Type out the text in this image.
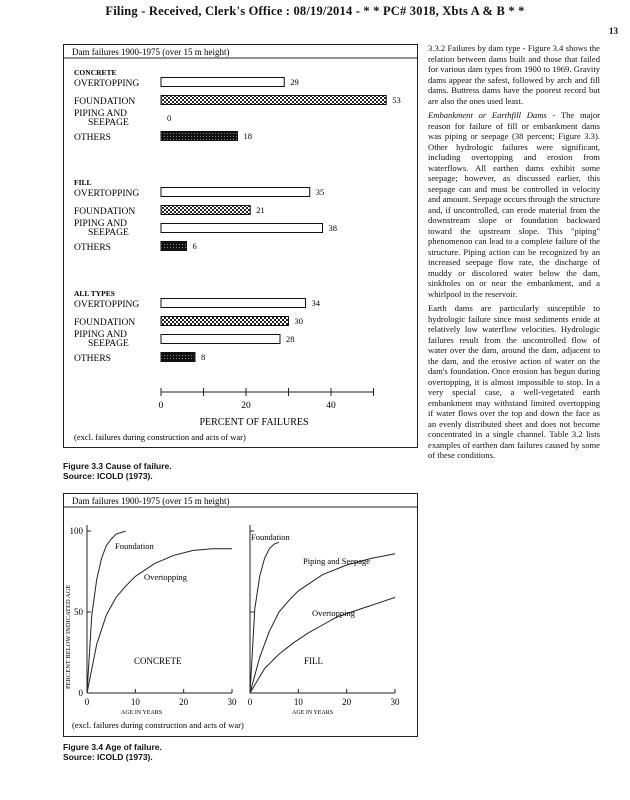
Filing - Received, Clerk's Office : 08/19/2014 - * * PC# 3018, Xbts A & B * *
13
Dam failures 1900-1975 (over 15 m height)
CONCRETE
OVERTOPPING	29
FOUNDATION	53
PIPING AND
SEEPAGE	0
OTHERS	18
FILL
OVERTOPPING	35
FOUNDATION	21
PIPING AND
SEEPAGE	38
OTHERS	6
ALL TYPES
OVERTOPPING	34
FOUNDATION	30
PIPING AND
SEEPAGE	28
OTHERS	8
0	20	40
PERCENT OF FAILURES
(excl. failures during construction and acts of war)
Figure 3.3 Cause of failure.
Source: ICOLD (1973).
Dam failures 1900-1975 (over 15 m height)
PERCENT BELOW INDICATED AGE
0	10	20	30
0
50
100
0	10	20	30
AGE IN YEARS	AGE IN YEARS
(excl. failures during construction and acts of war)
CONCRETE	FILL
Foundation
Overtopping
Foundation
Piping and Seepage
Overtopping
Figure 3.4 Age of failure.
Source: ICOLD (1973).

3.3.2 Failures by dam type - Figure 3.4 shows the relation between dams built and those that failed for various dam types from 1900 to 1969. Gravity dams appear the safest, followed by arch and fill dams. Buttress dams have the poorest record but are also the ones used least.

Embankment or Earthfill Dams - The major reason for failure of fill or embankment dams was piping or seepage (38 percent; Figure 3.3). Other hydrologic failures were significant, including overtopping and erosion from waterflows. All earthen dams exhibit some seepage; however, as discussed earlier, this seepage can and must be controlled in velocity and amount. Seepage occurs through the structure and, if uncontrolled, can erode material from the downstream slope or foundation backward toward the upstream slope. This "piping" phenomenon can lead to a complete failure of the structure. Piping action can be recognized by an increased seepage flow rate, the discharge of muddy or discolored water below the dam, sinkholes on or near the embankment, and a whirlpool in the reservoir.

Earth dams are particularly susceptible to hydrologic failure since most sediments erode at relatively low waterflow velocities. Hydrologic failures result from the uncontrolled flow of water over the dam, around the dam, adjacent to the dam, and the erosive action of water on the dam's foundation. Once erosion has begun during overtopping, it is almost impossible to stop. In a very special case, a well-vegetated earth embankment may withstand limited overtopping if water flows over the top and down the face as an evenly distributed sheet and does not become concentrated in a single channel. Table 3.2 lists examples of earthen dam failures caused by some of these conditions.
